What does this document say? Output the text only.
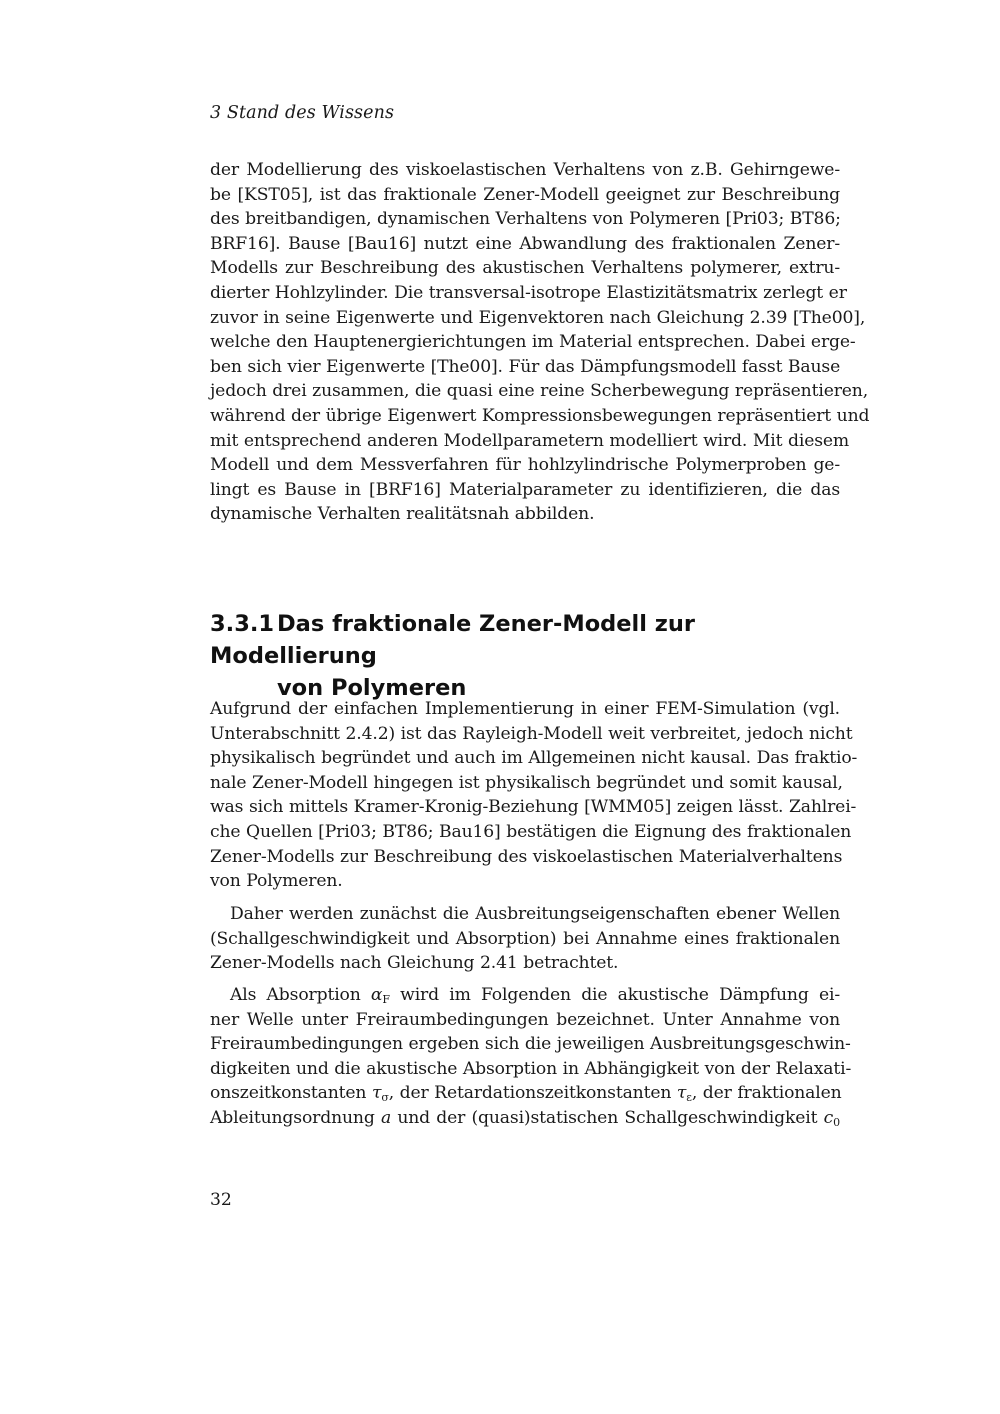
3 Stand des Wissens

der Modellierung des viskoelastischen Verhaltens von z.B. Gehirngewe-
be [KST05], ist das fraktionale Zener-Modell geeignet zur Beschreibung
des breitbandigen, dynamischen Verhaltens von Polymeren [Pri03; BT86;
BRF16]. Bause [Bau16] nutzt eine Abwandlung des fraktionalen Zener-
Modells zur Beschreibung des akustischen Verhaltens polymerer, extru-
dierter Hohlzylinder. Die transversal-isotrope Elastizitätsmatrix zerlegt er
zuvor in seine Eigenwerte und Eigenvektoren nach Gleichung 2.39 [The00],
welche den Hauptenergierichtungen im Material entsprechen. Dabei erge-
ben sich vier Eigenwerte [The00]. Für das Dämpfungsmodell fasst Bause
jedoch drei zusammen, die quasi eine reine Scherbewegung repräsentieren,
während der übrige Eigenwert Kompressionsbewegungen repräsentiert und
mit entsprechend anderen Modellparametern modelliert wird. Mit diesem
Modell und dem Messverfahren für hohlzylindrische Polymerproben ge-
lingt es Bause in [BRF16] Materialparameter zu identifizieren, die das
dynamische Verhalten realitätsnah abbilden.

3.3.1 Das fraktionale Zener-Modell zur Modellierung
von Polymeren

Aufgrund der einfachen Implementierung in einer FEM-Simulation (vgl.
Unterabschnitt 2.4.2) ist das Rayleigh-Modell weit verbreitet, jedoch nicht
physikalisch begründet und auch im Allgemeinen nicht kausal. Das fraktio-
nale Zener-Modell hingegen ist physikalisch begründet und somit kausal,
was sich mittels Kramer-Kronig-Beziehung [WMM05] zeigen lässt. Zahlrei-
che Quellen [Pri03; BT86; Bau16] bestätigen die Eignung des fraktionalen
Zener-Modells zur Beschreibung des viskoelastischen Materialverhaltens
von Polymeren.

Daher werden zunächst die Ausbreitungseigenschaften ebener Wellen
(Schallgeschwindigkeit und Absorption) bei Annahme eines fraktionalen
Zener-Modells nach Gleichung 2.41 betrachtet.

Als Absorption $\alpha_F$ wird im Folgenden die akustische Dämpfung ei-
ner Welle unter Freiraumbedingungen bezeichnet. Unter Annahme von
Freiraumbedingungen ergeben sich die jeweiligen Ausbreitungsgeschwin-
digkeiten und die akustische Absorption in Abhängigkeit von der Relaxati-
onszeitkonstanten $\tau_\sigma$, der Retardationszeitkonstanten $\tau_\varepsilon$, der fraktionalen
Ableitungsordnung a und der (quasi)statischen Schallgeschwindigkeit $c_0$

32
